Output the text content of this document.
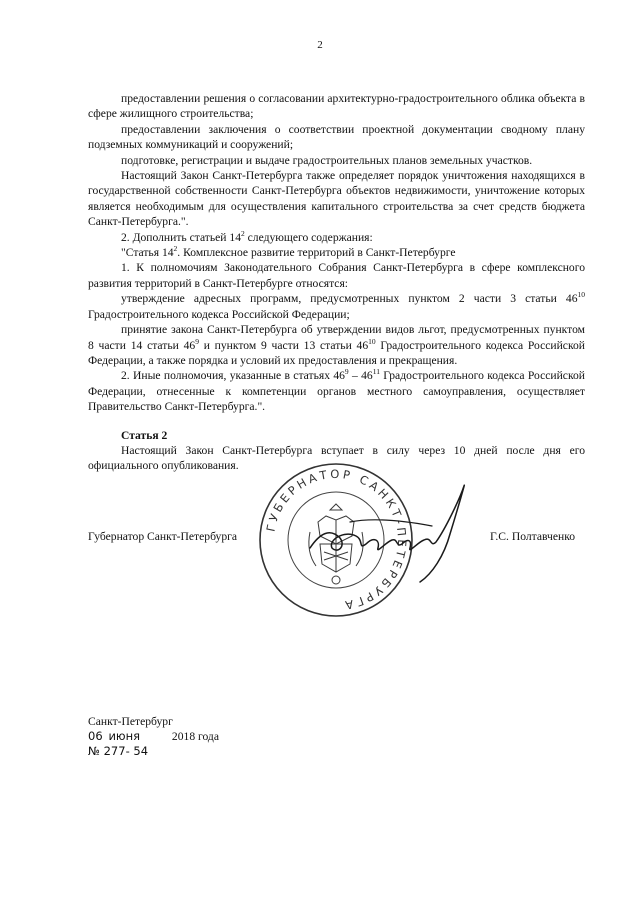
2

предоставлении решения о согласовании архитектурно-градостроительного облика объекта в сфере жилищного строительства;

предоставлении заключения о соответствии проектной документации сводному плану подземных коммуникаций и сооружений;

подготовке, регистрации и выдаче градостроительных планов земельных участков.

Настоящий Закон Санкт-Петербурга также определяет порядок уничтожения находящихся в государственной собственности Санкт-Петербурга объектов недвижимости, уничтожение которых является необходимым для осуществления капитального строительства за счет средств бюджета Санкт-Петербурга.".

2. Дополнить статьей $14^2$ следующего содержания:

"Статья $14^2$. Комплексное развитие территорий в Санкт-Петербурге

1. К полномочиям Законодательного Собрания Санкт-Петербурга в сфере комплексного развития территорий в Санкт-Петербурге относятся:

утверждение адресных программ, предусмотренных пунктом 2 части 3 статьи $46^{10}$ Градостроительного кодекса Российской Федерации;

принятие закона Санкт-Петербурга об утверждении видов льгот, предусмотренных пунктом 8 части 14 статьи $46^9$ и пунктом 9 части 13 статьи $46^{10}$ Градостроительного кодекса Российской Федерации, а также порядка и условий их предоставления и прекращения.

2. Иные полномочия, указанные в статьях $46^9 - 46^{11}$ Градостроительного кодекса Российской Федерации, отнесенные к компетенции органов местного самоуправления, осуществляет Правительство Санкт-Петербурга.".

Статья 2

Настоящий Закон Санкт-Петербурга вступает в силу через 10 дней после дня его официального опубликования.

Губернатор Санкт-Петербурга	Г.С. Полтавченко
ГУБЕРНАТОР САНКТ-ПЕТЕРБУРГА
Санкт-Петербург
06 июня	2018 года
№ 277- 54
